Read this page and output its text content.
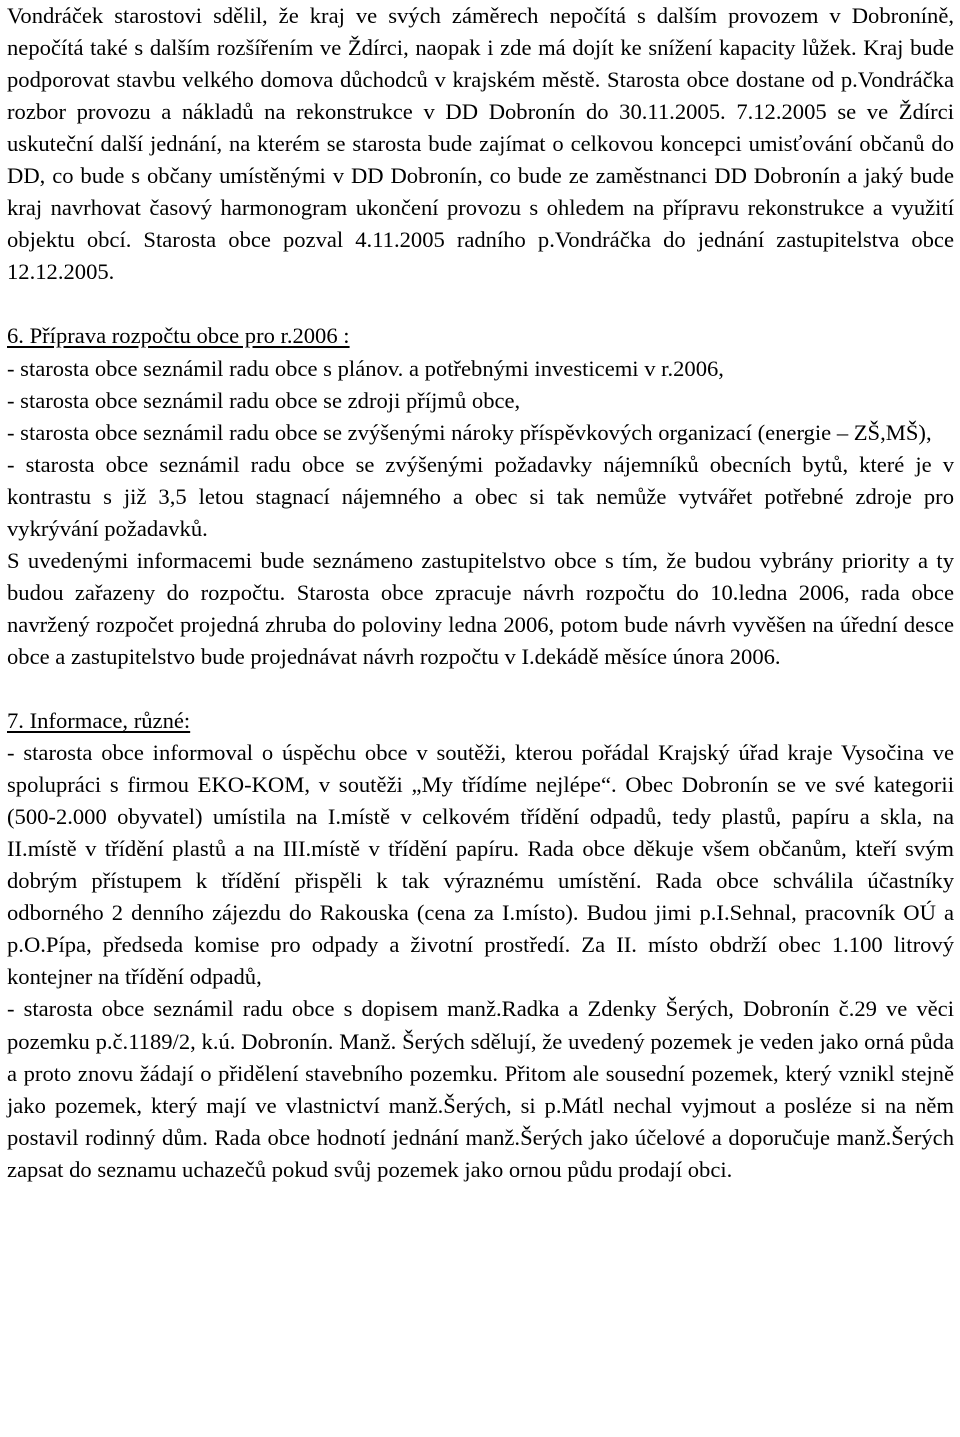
Vondráček starostovi sdělil, že kraj ve svých záměrech nepočítá s dalším provozem v Dobroníně, nepočítá také s dalším rozšířením ve Ždírci, naopak i zde má dojít ke snížení kapacity lůžek. Kraj bude podporovat stavbu velkého domova důchodců v krajském městě. Starosta obce dostane od p.Vondráčka rozbor provozu a nákladů na rekonstrukce v DD Dobronín do 30.11.2005. 7.12.2005 se ve Ždírci uskuteční další jednání, na kterém se starosta bude zajímat o celkovou koncepci umisťování občanů do DD, co bude s občany umístěnými v DD Dobronín, co bude ze zaměstnanci DD Dobronín a jaký bude kraj navrhovat časový harmonogram ukončení provozu s ohledem na přípravu rekonstrukce a využití objektu obcí. Starosta obce pozval 4.11.2005 radního p.Vondráčka do jednání zastupitelstva obce 12.12.2005.

6. Příprava rozpočtu obce pro r.2006 :

- starosta obce seznámil radu obce s plánov. a potřebnými investicemi v r.2006,

- starosta obce seznámil radu obce se zdroji příjmů obce,

- starosta obce seznámil radu obce se zvýšenými nároky příspěvkových organizací (energie – ZŠ,MŠ),

- starosta obce seznámil radu obce se zvýšenými požadavky nájemníků obecních bytů, které je v kontrastu s již 3,5 letou stagnací nájemného a obec si tak nemůže vytvářet potřebné zdroje pro vykrývání požadavků.

S uvedenými informacemi bude seznámeno zastupitelstvo obce s tím, že budou vybrány priority a ty budou zařazeny do rozpočtu. Starosta obce zpracuje návrh rozpočtu do 10.ledna 2006, rada obce navržený rozpočet projedná zhruba do poloviny ledna 2006, potom bude návrh vyvěšen na úřední desce obce a zastupitelstvo bude projednávat návrh rozpočtu v I.dekádě měsíce února 2006.

7. Informace, různé:

- starosta obce informoval o úspěchu obce v soutěži, kterou pořádal Krajský úřad kraje Vysočina ve spolupráci s firmou EKO-KOM, v soutěži „My třídíme nejlépe“. Obec Dobronín se ve své kategorii (500-2.000 obyvatel) umístila na I.místě v celkovém třídění odpadů, tedy plastů, papíru a skla, na II.místě v třídění plastů a na III.místě v třídění papíru. Rada obce děkuje všem občanům, kteří svým dobrým přístupem k třídění přispěli k tak výraznému umístění. Rada obce schválila účastníky odborného 2 denního zájezdu do Rakouska (cena za I.místo). Budou jimi p.I.Sehnal, pracovník OÚ a p.O.Pípa, předseda komise pro odpady a životní prostředí. Za II. místo obdrží obec 1.100 litrový kontejner na třídění odpadů,

- starosta obce seznámil radu obce s dopisem manž.Radka a Zdenky Šerých, Dobronín č.29 ve věci pozemku p.č.1189/2, k.ú. Dobronín. Manž. Šerých sdělují, že uvedený pozemek je veden jako orná půda a proto znovu žádají o přidělení stavebního pozemku. Přitom ale sousední pozemek, který vznikl stejně jako pozemek, který mají ve vlastnictví manž.Šerých, si p.Mátl nechal vyjmout a posléze si na něm postavil rodinný dům. Rada obce hodnotí jednání manž.Šerých jako účelové a doporučuje manž.Šerých zapsat do seznamu uchazečů pokud svůj pozemek jako ornou půdu prodají obci.
